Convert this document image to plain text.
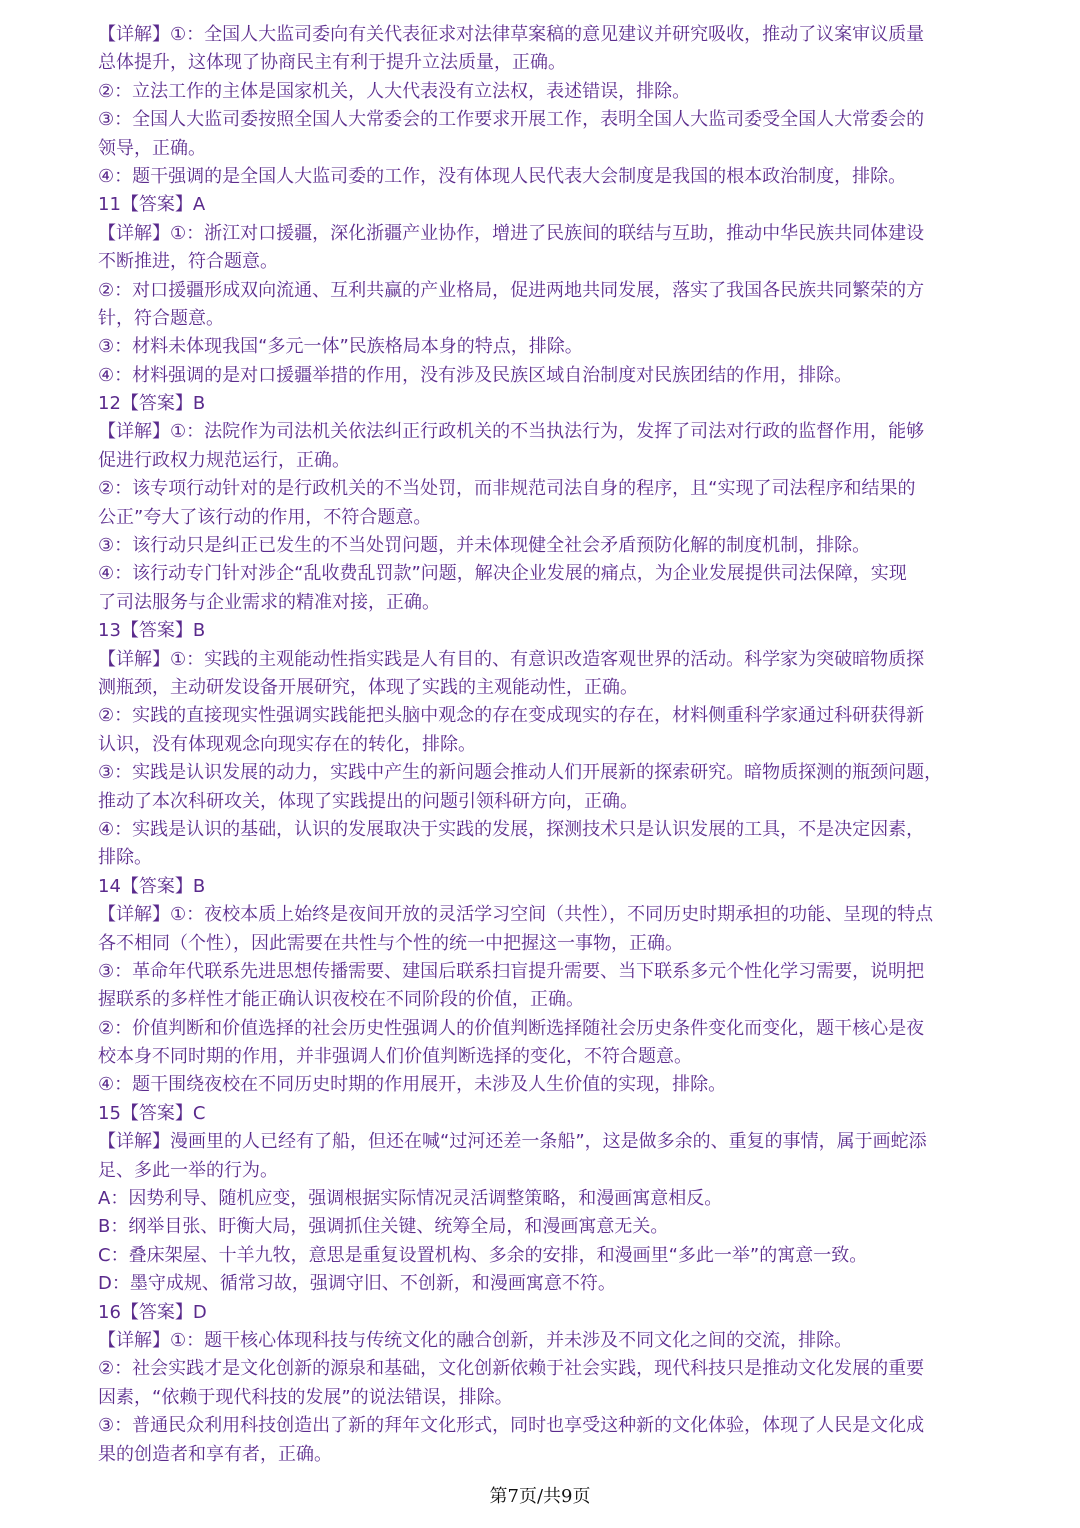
【详解】①：全国人大监司委向有关代表征求对法律草案稿的意见建议并研究吸收，推动了议案审议质量
总体提升，这体现了协商民主有利于提升立法质量，正确。
②：立法工作的主体是国家机关，人大代表没有立法权，表述错误，排除。
③：全国人大监司委按照全国人大常委会的工作要求开展工作，表明全国人大监司委受全国人大常委会的
领导，正确。
④：题干强调的是全国人大监司委的工作，没有体现人民代表大会制度是我国的根本政治制度，排除。
11【答案】A
【详解】①：浙江对口援疆，深化浙疆产业协作，增进了民族间的联结与互助，推动中华民族共同体建设
不断推进，符合题意。
②：对口援疆形成双向流通、互利共赢的产业格局，促进两地共同发展，落实了我国各民族共同繁荣的方
针，符合题意。
③：材料未体现我国“多元一体”民族格局本身的特点，排除。
④：材料强调的是对口援疆举措的作用，没有涉及民族区域自治制度对民族团结的作用，排除。
12【答案】B
【详解】①：法院作为司法机关依法纠正行政机关的不当执法行为，发挥了司法对行政的监督作用，能够
促进行政权力规范运行，正确。
②：该专项行动针对的是行政机关的不当处罚，而非规范司法自身的程序，且“实现了司法程序和结果的
公正”夸大了该行动的作用，不符合题意。
③：该行动只是纠正已发生的不当处罚问题，并未体现健全社会矛盾预防化解的制度机制，排除。
④：该行动专门针对涉企“乱收费乱罚款”问题，解决企业发展的痛点，为企业发展提供司法保障，实现
了司法服务与企业需求的精准对接，正确。
13【答案】B
【详解】①：实践的主观能动性指实践是人有目的、有意识改造客观世界的活动。科学家为突破暗物质探
测瓶颈，主动研发设备开展研究，体现了实践的主观能动性，正确。
②：实践的直接现实性强调实践能把头脑中观念的存在变成现实的存在，材料侧重科学家通过科研获得新
认识，没有体现观念向现实存在的转化，排除。
③：实践是认识发展的动力，实践中产生的新问题会推动人们开展新的探索研究。暗物质探测的瓶颈问题，
推动了本次科研攻关，体现了实践提出的问题引领科研方向，正确。
④：实践是认识的基础，认识的发展取决于实践的发展，探测技术只是认识发展的工具，不是决定因素，
排除。
14【答案】B
【详解】①：夜校本质上始终是夜间开放的灵活学习空间（共性），不同历史时期承担的功能、呈现的特点
各不相同（个性），因此需要在共性与个性的统一中把握这一事物，正确。
③：革命年代联系先进思想传播需要、建国后联系扫盲提升需要、当下联系多元个性化学习需要，说明把
握联系的多样性才能正确认识夜校在不同阶段的价值，正确。
②：价值判断和价值选择的社会历史性强调人的价值判断选择随社会历史条件变化而变化，题干核心是夜
校本身不同时期的作用，并非强调人们价值判断选择的变化，不符合题意。
④：题干围绕夜校在不同历史时期的作用展开，未涉及人生价值的实现，排除。
15【答案】C
【详解】漫画里的人已经有了船，但还在喊“过河还差一条船”，这是做多余的、重复的事情，属于画蛇添
足、多此一举的行为。
A：因势利导、随机应变，强调根据实际情况灵活调整策略，和漫画寓意相反。
B：纲举目张、盱衡大局，强调抓住关键、统筹全局，和漫画寓意无关。
C：叠床架屋、十羊九牧，意思是重复设置机构、多余的安排，和漫画里“多此一举”的寓意一致。
D：墨守成规、循常习故，强调守旧、不创新，和漫画寓意不符。
16【答案】D
【详解】①：题干核心体现科技与传统文化的融合创新，并未涉及不同文化之间的交流，排除。
②：社会实践才是文化创新的源泉和基础，文化创新依赖于社会实践，现代科技只是推动文化发展的重要
因素，“依赖于现代科技的发展”的说法错误，排除。
③：普通民众利用科技创造出了新的拜年文化形式，同时也享受这种新的文化体验，体现了人民是文化成
果的创造者和享有者，正确。
第7页/共9页
